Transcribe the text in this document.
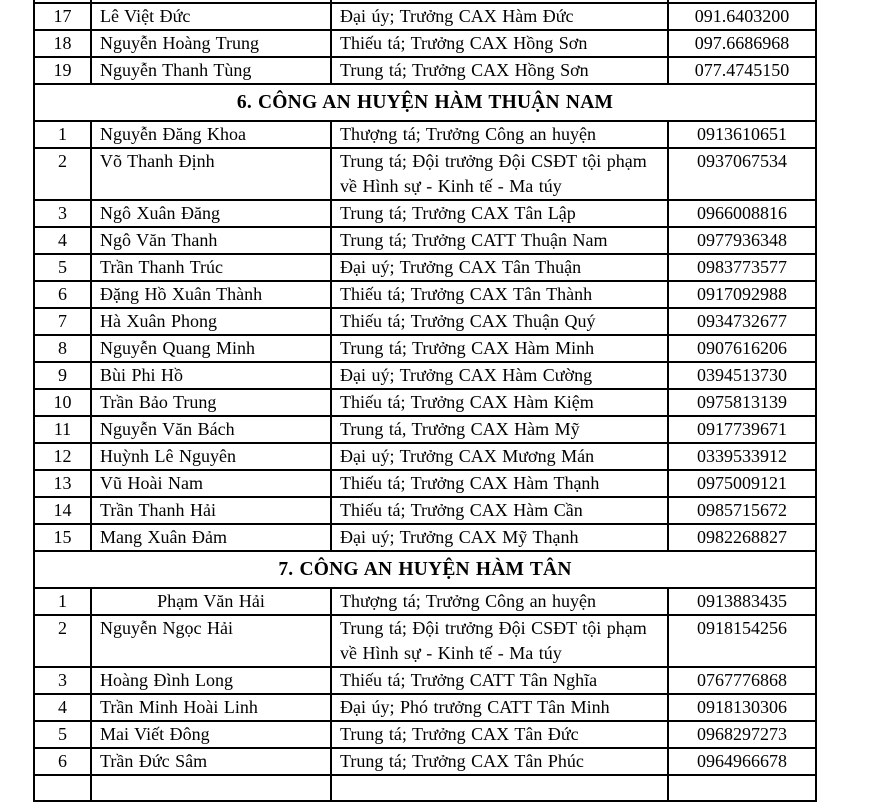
17	Lê Việt Đức	Đại úy; Trưởng CAX Hàm Đức	091.6403200
18	Nguyễn Hoàng Trung	Thiếu tá; Trưởng CAX Hồng Sơn	097.6686968
19	Nguyễn Thanh Tùng	Trung tá; Trưởng CAX Hồng Sơn	077.4745150
6. CÔNG AN HUYỆN HÀM THUẬN NAM			
1	Nguyễn Đăng Khoa	Thượng tá; Trưởng Công an huyện	0913610651
2	Võ Thanh Định	Trung tá; Đội trưởng Đội CSĐT tội phạm về Hình sự - Kinh tế - Ma túy	0937067534
3	Ngô Xuân Đăng	Trung tá; Trưởng CAX Tân Lập	0966008816
4	Ngô Văn Thanh	Trung tá; Trưởng CATT Thuận Nam	0977936348
5	Trần Thanh Trúc	Đại uý; Trưởng CAX Tân Thuận	0983773577
6	Đặng Hồ Xuân Thành	Thiếu tá; Trưởng CAX Tân Thành	0917092988
7	Hà Xuân Phong	Thiếu tá; Trưởng CAX Thuận Quý	0934732677
8	Nguyễn Quang Minh	Trung tá; Trưởng CAX Hàm Minh	0907616206
9	Bùi Phi Hồ	Đại uý; Trưởng CAX Hàm Cường	0394513730
10	Trần Bảo Trung	Thiếu tá; Trưởng CAX Hàm Kiệm	0975813139
11	Nguyễn Văn Bách	Trung tá, Trưởng CAX Hàm Mỹ	0917739671
12	Huỳnh Lê Nguyên	Đại uý; Trưởng CAX Mương Mán	0339533912
13	Vũ Hoài Nam	Thiếu tá; Trưởng CAX Hàm Thạnh	0975009121
14	Trần Thanh Hải	Thiếu tá; Trưởng CAX Hàm Cần	0985715672
15	Mang Xuân Đảm	Đại uý; Trưởng CAX Mỹ Thạnh	0982268827
7. CÔNG AN HUYỆN HÀM TÂN			
1	Phạm Văn Hải	Thượng tá; Trưởng Công an huyện	0913883435
2	Nguyễn Ngọc Hải	Trung tá; Đội trưởng Đội CSĐT tội phạm về Hình sự - Kinh tế - Ma túy	0918154256
3	Hoàng Đình Long	Thiếu tá; Trưởng CATT Tân Nghĩa	0767776868
4	Trần Minh Hoài Linh	Đại úy; Phó trưởng CATT Tân Minh	0918130306
5	Mai Viết Đông	Trung tá; Trưởng CAX Tân Đức	0968297273
6	Trần Đức Sâm	Trung tá; Trưởng CAX Tân Phúc	0964966678
